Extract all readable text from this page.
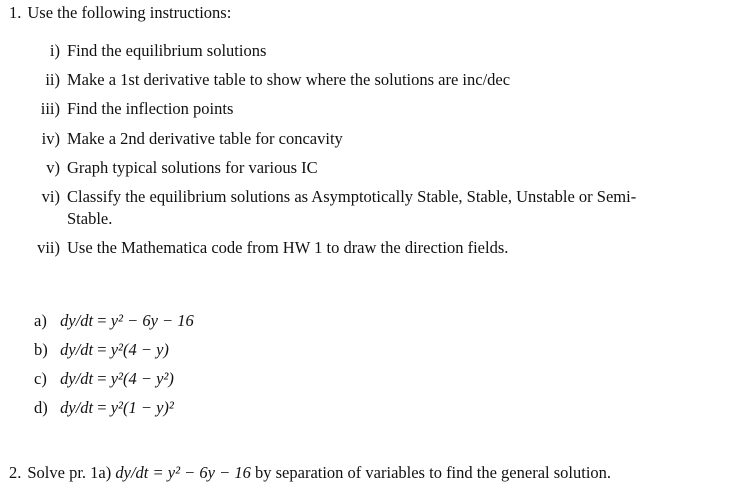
1. Use the following instructions:
i) Find the equilibrium solutions
ii) Make a 1st derivative table to show where the solutions are inc/dec
iii) Find the inflection points
iv) Make a 2nd derivative table for concavity
v) Graph typical solutions for various IC
vi) Classify the equilibrium solutions as Asymptotically Stable, Stable, Unstable or Semi-
Stable.
vii) Use the Mathematica code from HW 1 to draw the direction fields.
a) dy/dt = y² − 6y − 16
b) dy/dt = y²(4 − y)
c) dy/dt = y²(4 − y²)
d) dy/dt = y²(1 − y)²
2. Solve pr. 1a) dy/dt = y² − 6y − 16 by separation of variables to find the general solution.
